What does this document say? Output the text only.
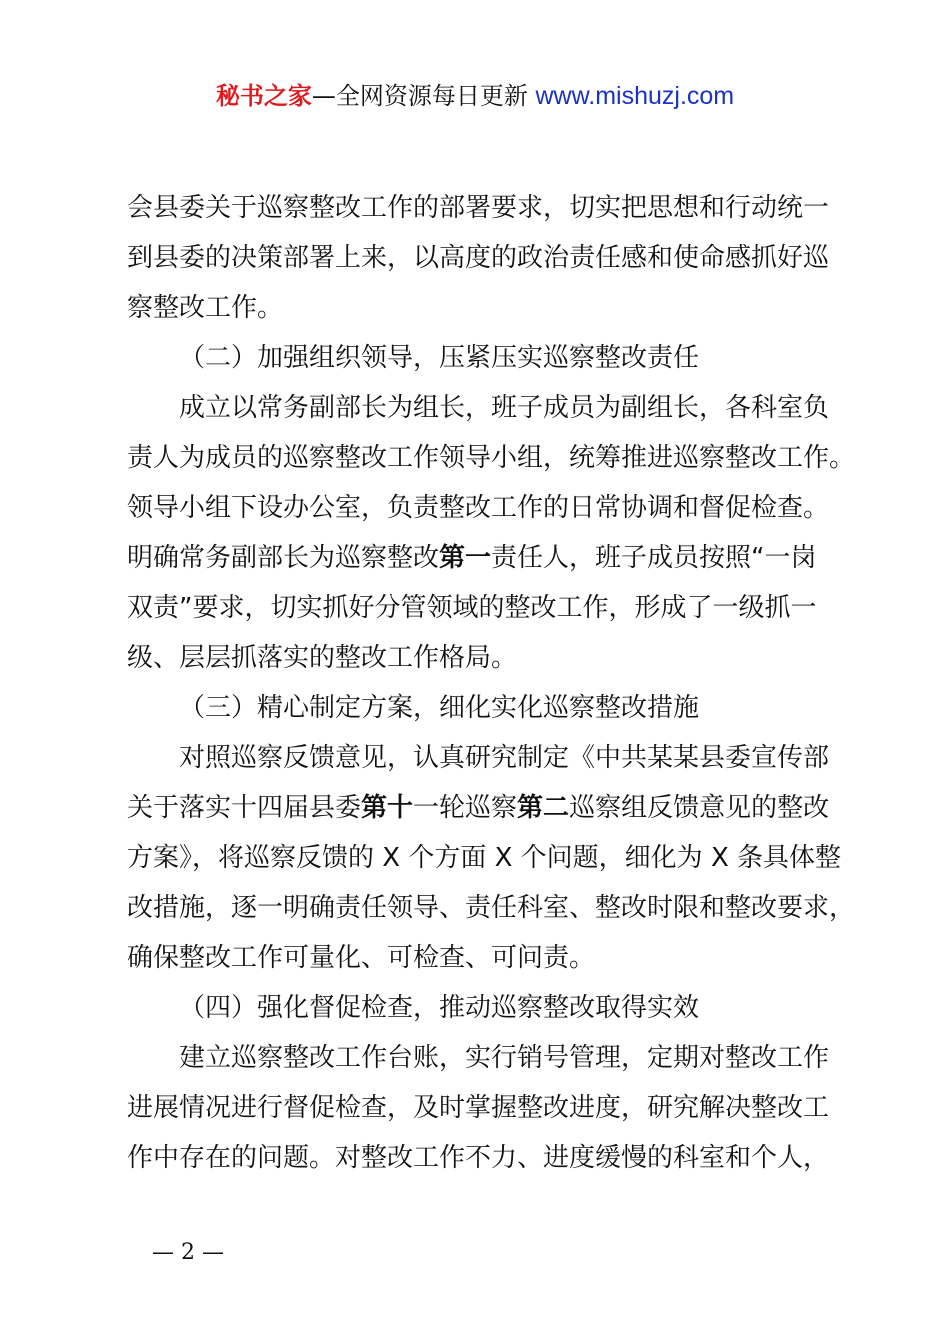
秘书之家—全网资源每日更新 www.mishuzj.com
会县委关于巡察整改工作的部署要求，切实把思想和行动统一
到县委的决策部署上来，以高度的政治责任感和使命感抓好巡
察整改工作。
（二）加强组织领导，压紧压实巡察整改责任
成立以常务副部长为组长，班子成员为副组长，各科室负
责人为成员的巡察整改工作领导小组，统筹推进巡察整改工作。
领导小组下设办公室，负责整改工作的日常协调和督促检查。
明确常务副部长为巡察整改第一责任人，班子成员按照“一岗
双责”要求，切实抓好分管领域的整改工作，形成了一级抓一
级、层层抓落实的整改工作格局。
（三）精心制定方案，细化实化巡察整改措施
对照巡察反馈意见，认真研究制定《中共某某县委宣传部
关于落实十四届县委第十一轮巡察第二巡察组反馈意见的整改
方案》，将巡察反馈的 X 个方面 X 个问题，细化为 X 条具体整
改措施，逐一明确责任领导、责任科室、整改时限和整改要求，
确保整改工作可量化、可检查、可问责。
（四）强化督促检查，推动巡察整改取得实效
建立巡察整改工作台账，实行销号管理，定期对整改工作
进展情况进行督促检查，及时掌握整改进度，研究解决整改工
作中存在的问题。对整改工作不力、进度缓慢的科室和个人，
— 2 —
